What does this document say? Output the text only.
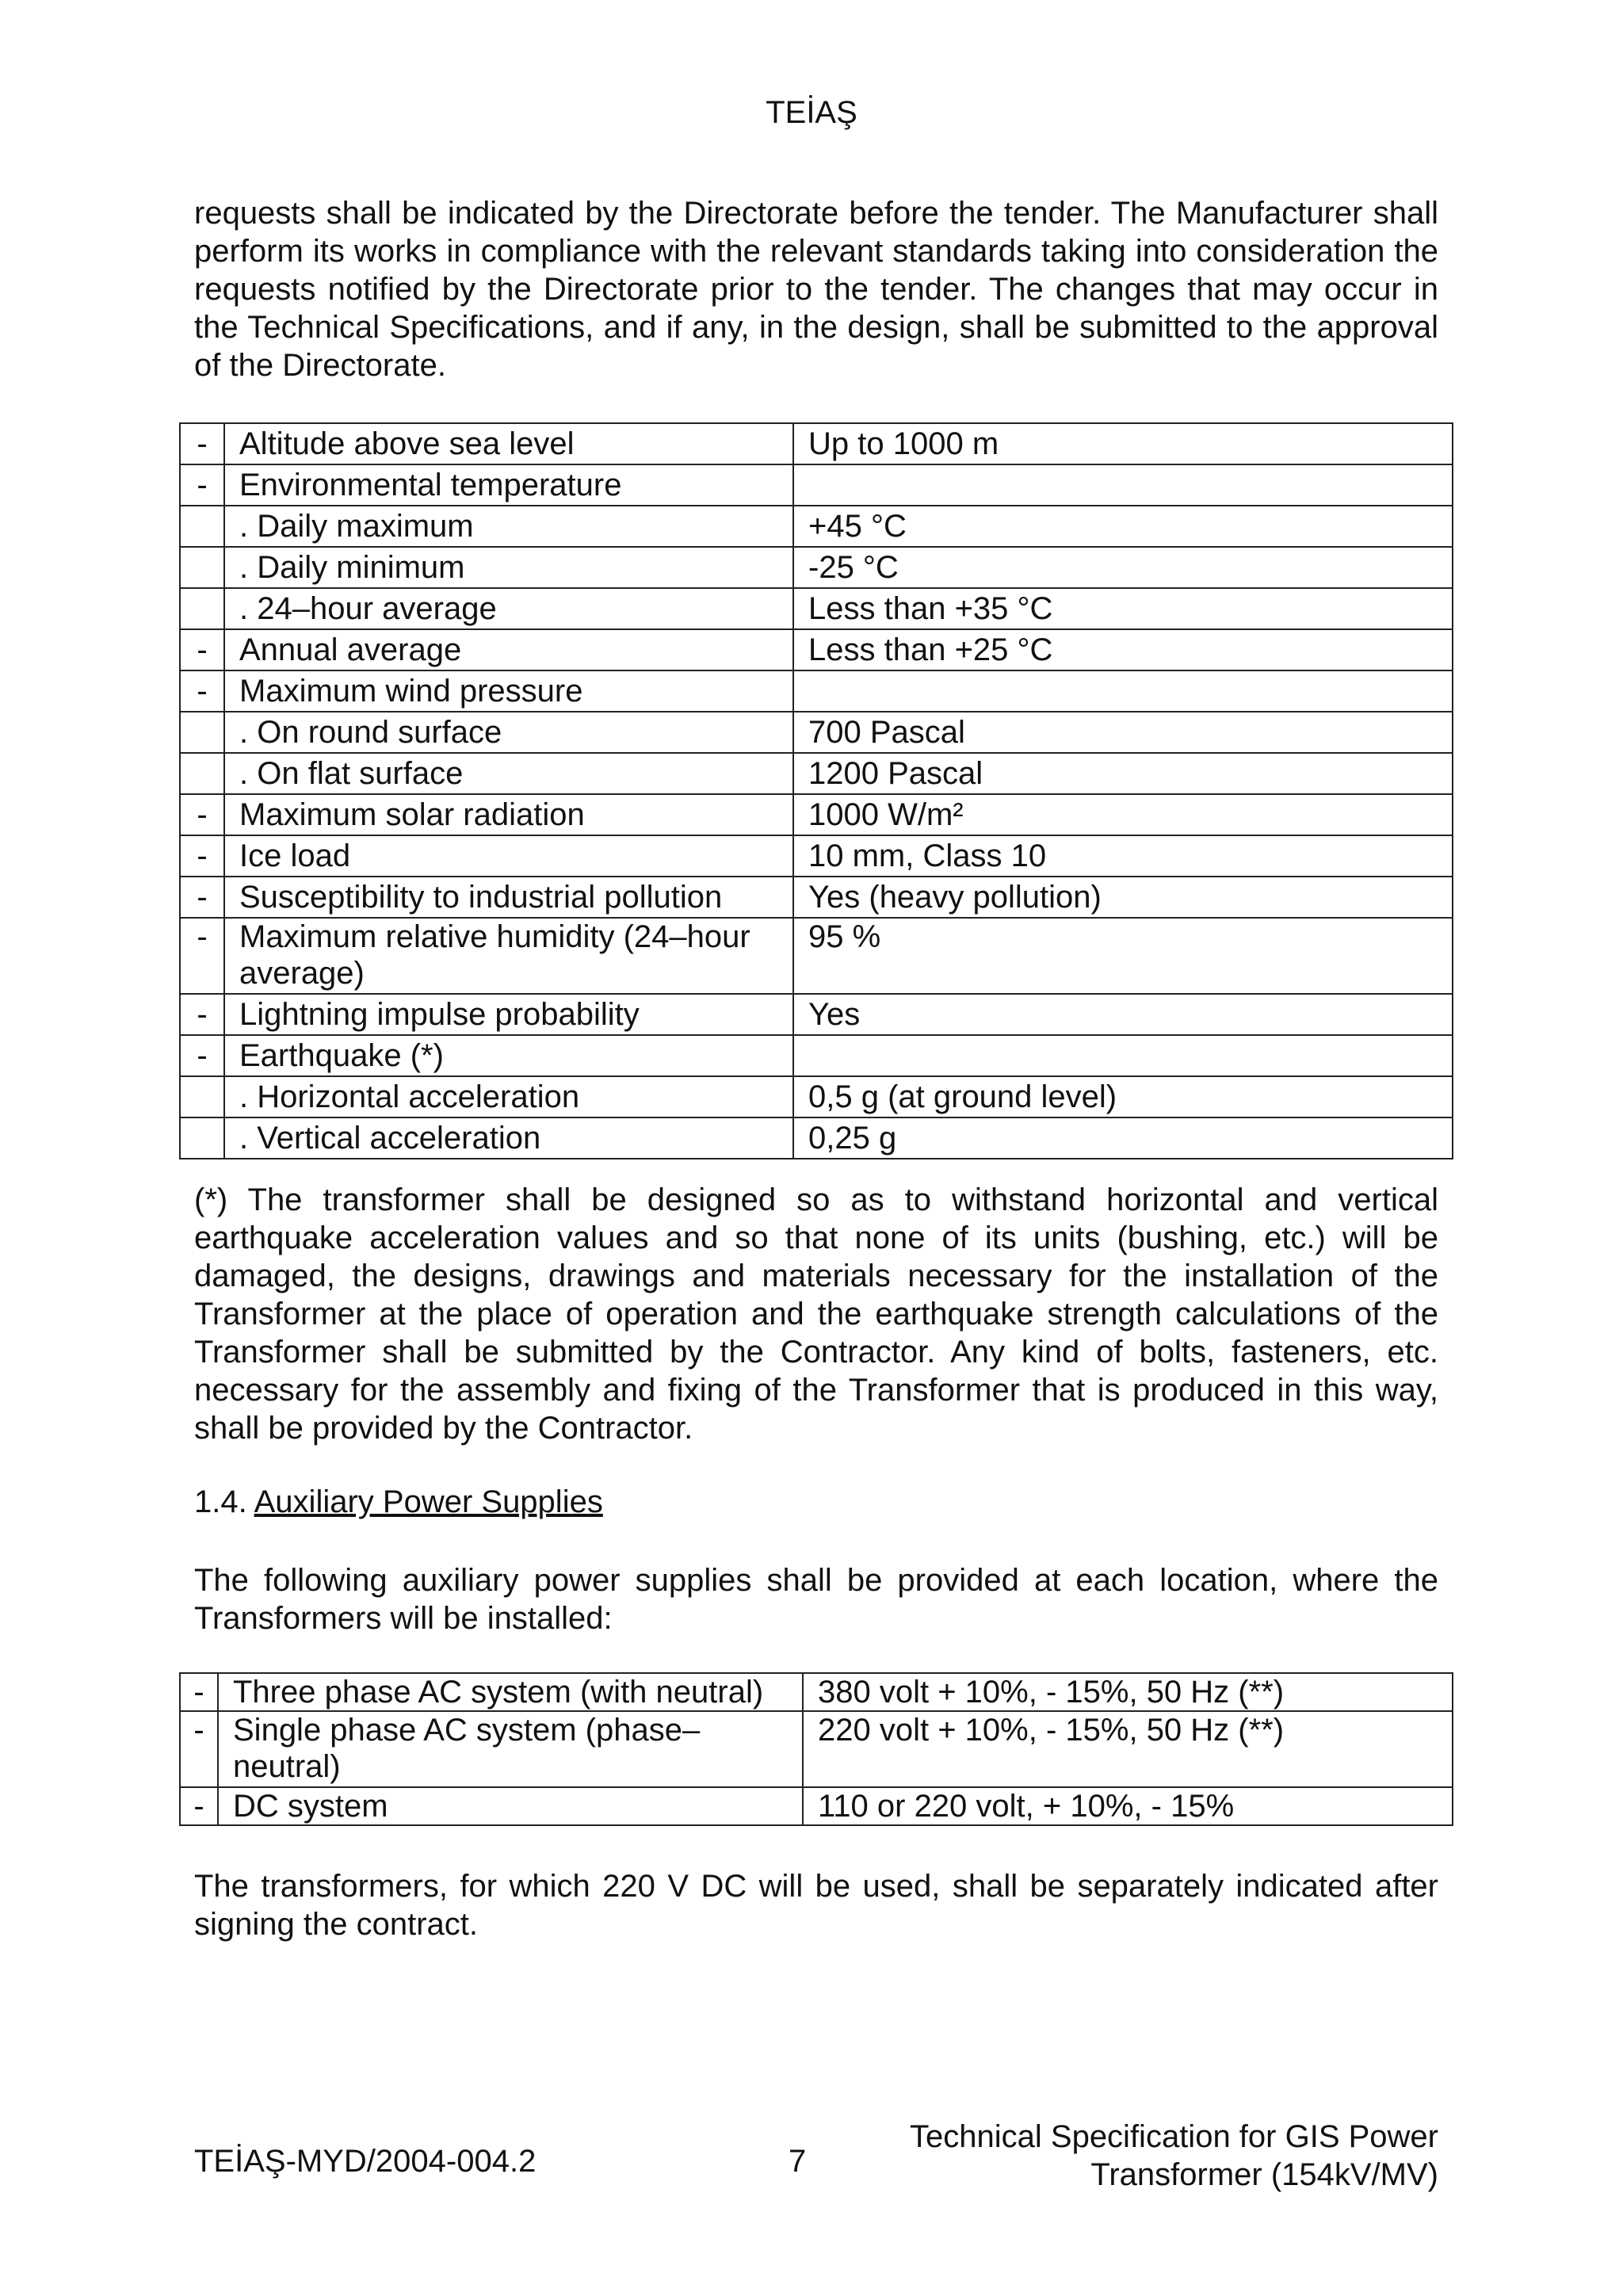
TEİAŞ

requests shall be indicated by the Directorate before the tender. The Manufacturer shall perform its works in compliance with the relevant standards taking into consideration the requests notified by the Directorate prior to the tender. The changes that may occur in the Technical Specifications, and if any, in the design, shall be submitted to the approval of the Directorate.

-	Altitude above sea level	Up to 1000 m
-	Environmental temperature	
	. Daily maximum	+45 °C
	. Daily minimum	-25 °C
	. 24–hour average	Less than +35 °C
-	Annual average	Less than +25 °C
-	Maximum wind pressure	
	. On round surface	700 Pascal
	. On flat surface	1200 Pascal
-	Maximum solar radiation	1000 W/m²
-	Ice load	10 mm, Class 10
-	Susceptibility to industrial pollution	Yes (heavy pollution)
-	Maximum relative humidity (24–hour average)	95 %
-	Lightning impulse probability	Yes
-	Earthquake (*)	
	. Horizontal acceleration	0,5 g (at ground level)
	. Vertical acceleration	0,25 g

(*) The transformer shall be designed so as to withstand horizontal and vertical earthquake acceleration values and so that none of its units (bushing, etc.) will be damaged, the designs, drawings and materials necessary for the installation of the Transformer at the place of operation and the earthquake strength calculations of the Transformer shall be submitted by the Contractor. Any kind of bolts, fasteners, etc. necessary for the assembly and fixing of the Transformer that is produced in this way, shall be provided by the Contractor.

1.4. Auxiliary Power Supplies

The following auxiliary power supplies shall be provided at each location, where the Transformers will be installed:

-	Three phase AC system (with neutral)	380 volt + 10%, - 15%, 50 Hz (**)
-	Single phase AC system (phase–neutral)	220 volt + 10%, - 15%, 50 Hz (**)
-	DC system	110 or 220 volt, + 10%, - 15%

The transformers, for which 220 V DC will be used, shall be separately indicated after signing the contract.

TEİAŞ-MYD/2004-004.2	7
Technical Specification for GIS Power
Transformer (154kV/MV)
